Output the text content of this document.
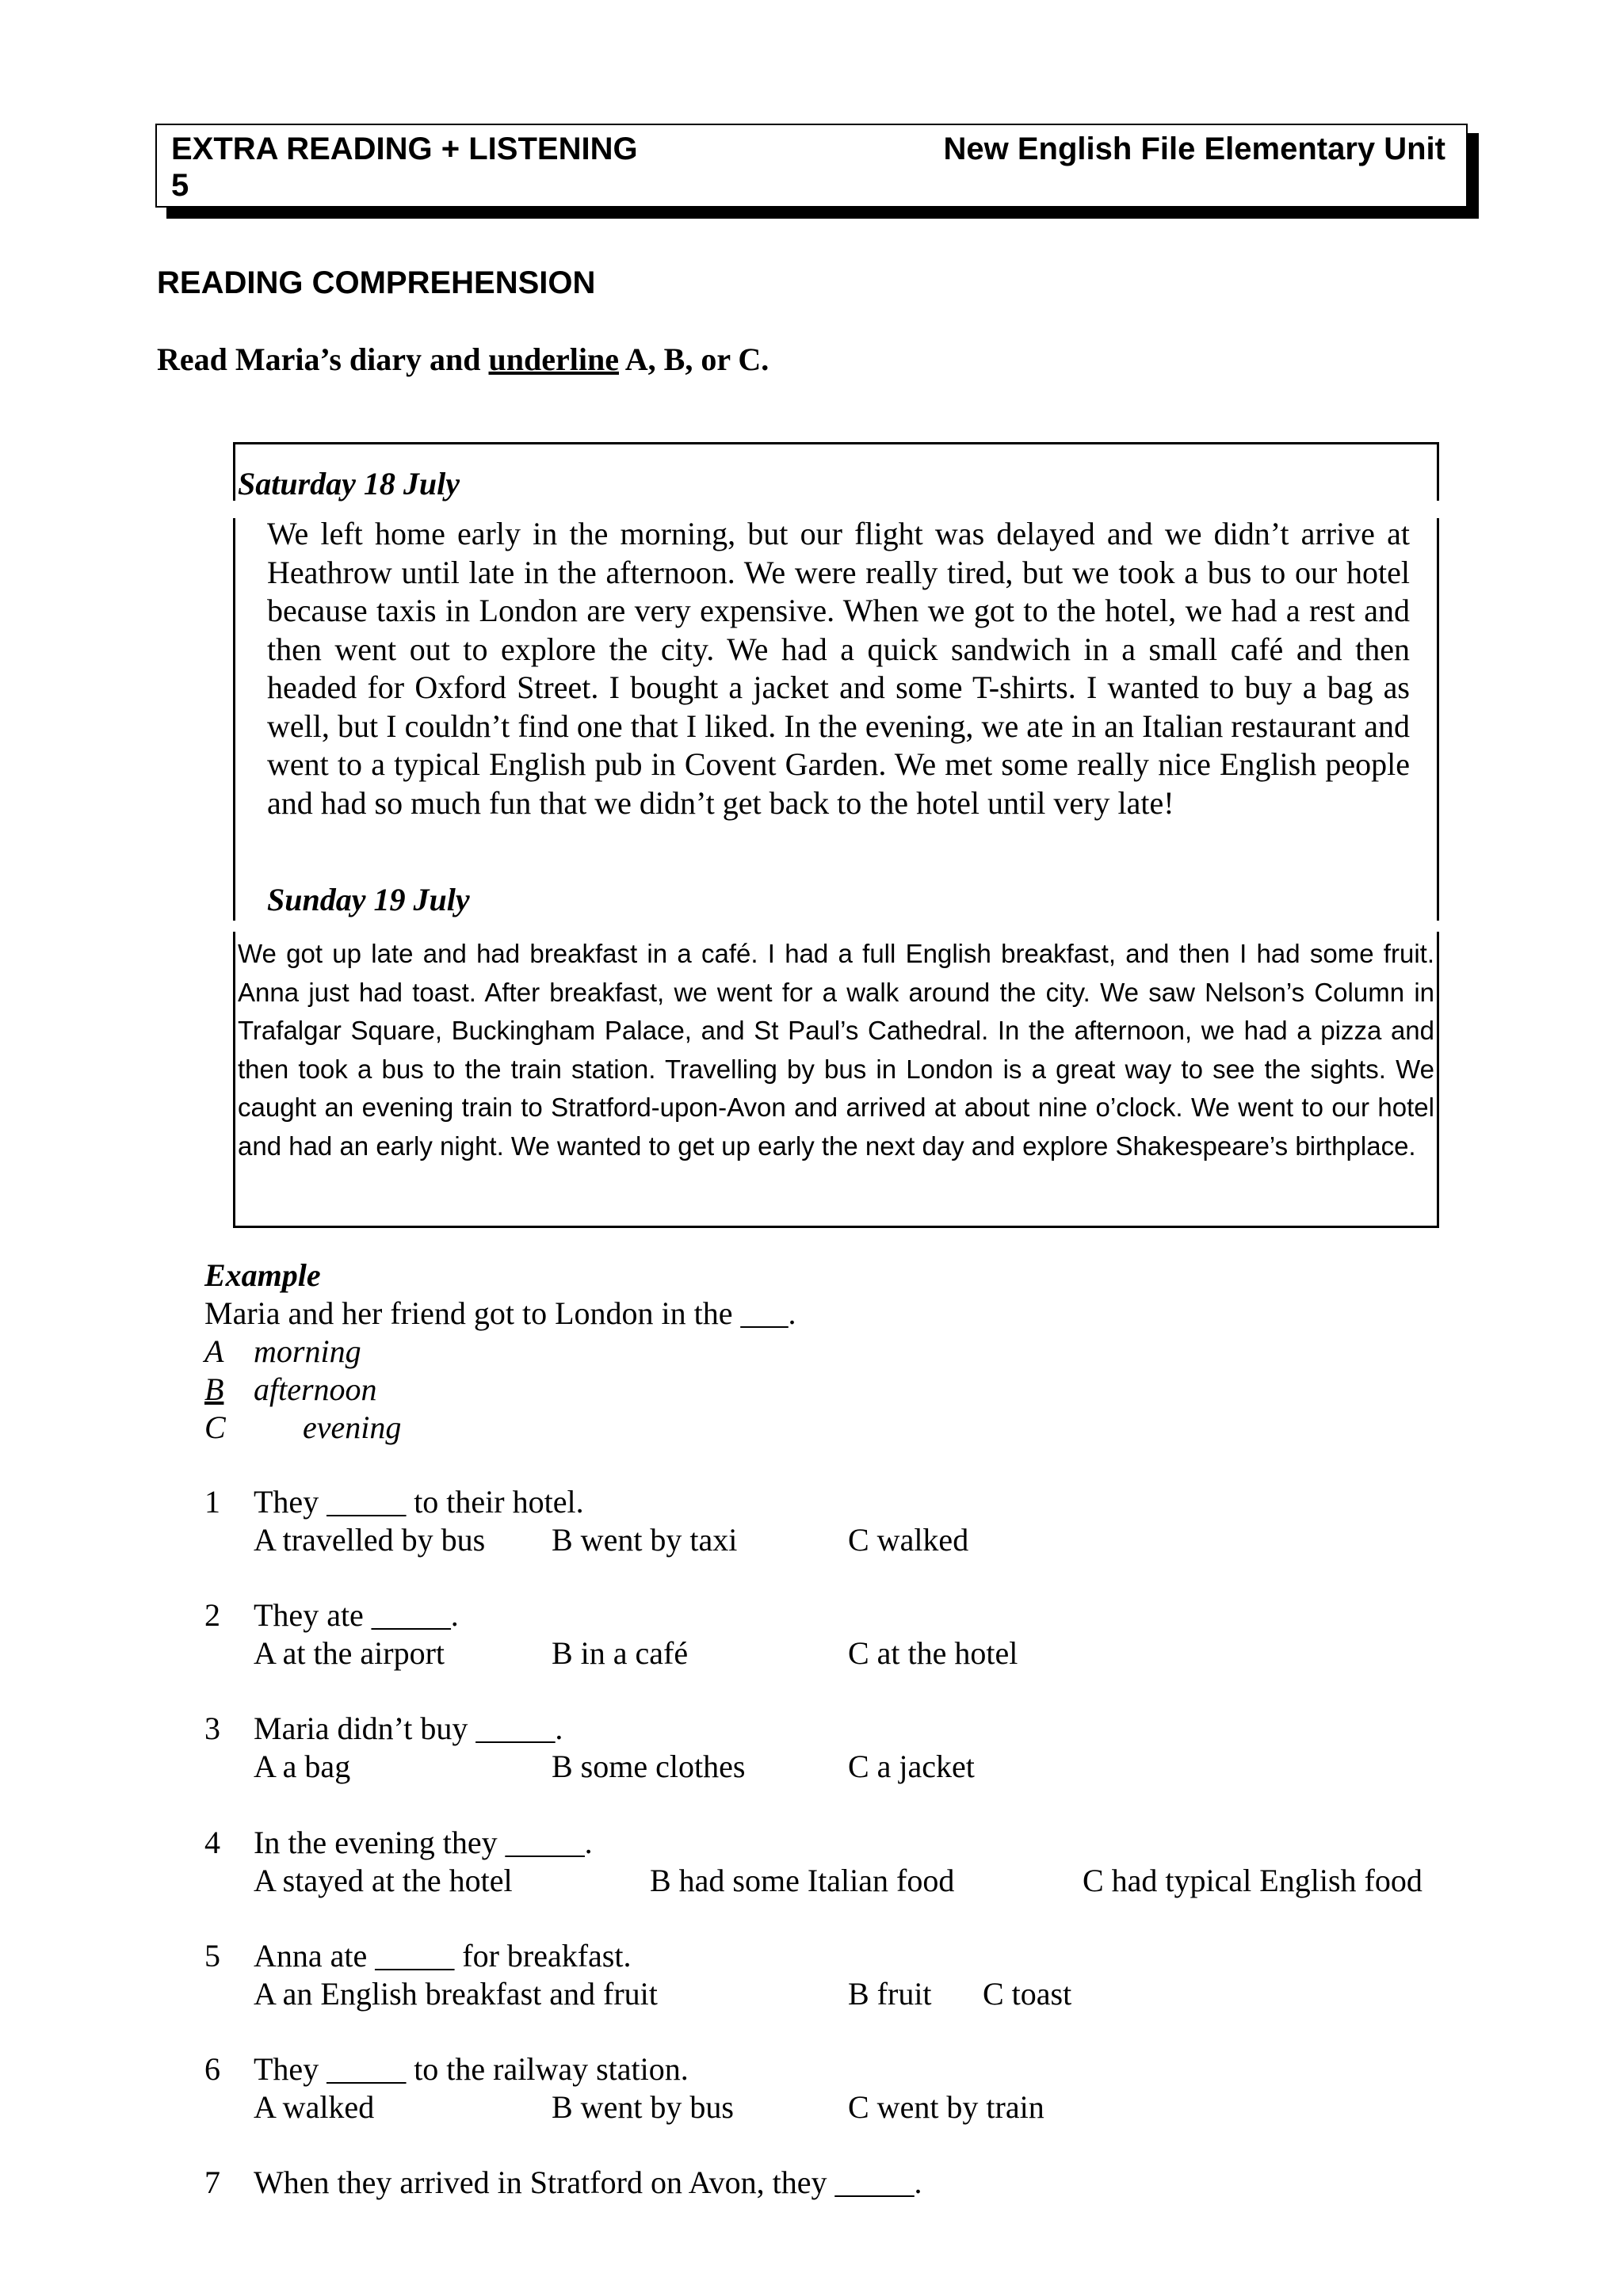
EXTRA READING + LISTENING	New English File Elementary Unit
5
READING COMPREHENSION
Read Maria’s diary and underline A, B, or C.
Saturday 18 July
We left home early in the morning, but our flight was delayed and we didn’t arrive at Heathrow until late in the afternoon. We were really tired, but we took a bus to our hotel because taxis in London are very expensive. When we got to the hotel, we had a rest and then went out to explore the city. We had a quick sandwich in a small café and then headed for Oxford Street. I bought a jacket and some T-shirts. I wanted to buy a bag as well, but I couldn’t find one that I liked. In the evening, we ate in an Italian restaurant and went to a typical English pub in Covent Garden. We met some really nice English people and had so much fun that we didn’t get back to the hotel until very late!
Sunday 19 July
We got up late and had breakfast in a café. I had a full English breakfast, and then I had some fruit. Anna just had toast. After breakfast, we went for a walk around the city. We saw Nelson’s Column in Trafalgar Square, Buckingham Palace, and St Paul’s Cathedral. In the afternoon, we had a pizza and then took a bus to the train station. Travelling by bus in London is a great way to see the sights. We caught an evening train to Stratford-upon-Avon and arrived at about nine o’clock. We went to our hotel and had an early night. We wanted to get up early the next day and explore Shakespeare’s birthplace.
Example
Maria and her friend got to London in the ___.
A morning
B afternoon
C evening
1 They _____ to their hotel.
A travelled by bus B went by taxi	C walked
2 They ate _____.
A at the airport	B in a café	C at the hotel
3 Maria didn’t buy _____.
A a bag	B some clothes	C a jacket
4 In the evening they _____.
A stayed at the hotel	B had some Italian food	C had typical English food
5 Anna ate _____ for breakfast.
A an English breakfast and fruit	B fruit C toast
6 They _____ to the railway station.
A walked	B went by bus	C went by train
7 When they arrived in Stratford on Avon, they _____.
